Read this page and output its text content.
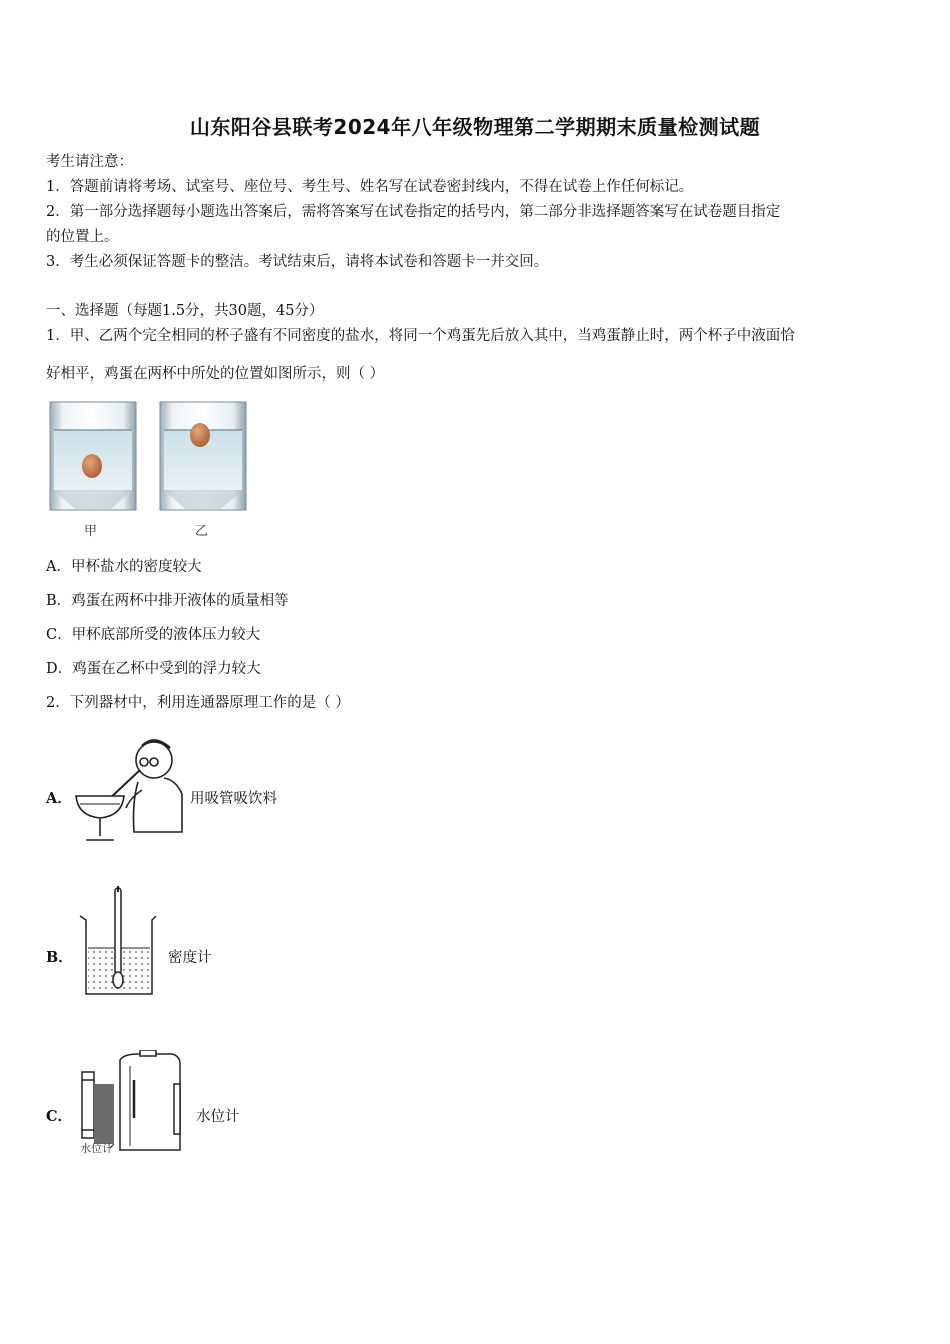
山东阳谷县联考2024年八年级物理第二学期期末质量检测试题
考生请注意：
1．答题前请将考场、试室号、座位号、考生号、姓名写在试卷密封线内，不得在试卷上作任何标记。
2．第一部分选择题每小题选出答案后，需将答案写在试卷指定的括号内，第二部分非选择题答案写在试卷题目指定
的位置上。
3．考生必须保证答题卡的整洁。考试结束后，请将本试卷和答题卡一并交回。
一、选择题（每题1.5分，共30题，45分）
1．甲、乙两个完全相同的杯子盛有不同密度的盐水，将同一个鸡蛋先后放入其中，当鸡蛋静止时，两个杯子中液面恰
好相平，鸡蛋在两杯中所处的位置如图所示，则（ ）
甲	乙
A．甲杯盐水的密度较大
B．鸡蛋在两杯中排开液体的质量相等
C．甲杯底部所受的液体压力较大
D．鸡蛋在乙杯中受到的浮力较大
2．下列器材中，利用连通器原理工作的是（ ）
A．	用吸管吸饮料
B．	密度计
C．
水位计
水位计
